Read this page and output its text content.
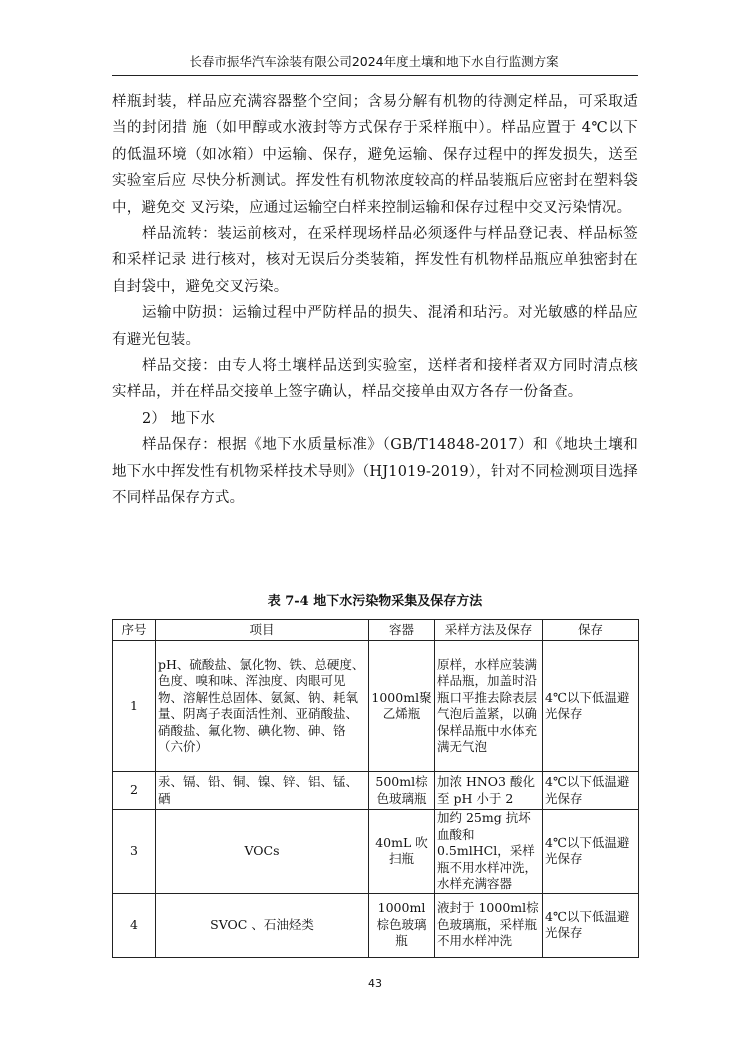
长春市振华汽车涂装有限公司2024年度土壤和地下水自行监测方案

样瓶封装，样品应充满容器整个空间；含易分解有机物的待测定样品，可采取适当的封闭措 施（如甲醇或水液封等方式保存于采样瓶中）。样品应置于 4℃以下的低温环境（如冰箱）中运输、保存，避免运输、保存过程中的挥发损失，送至实验室后应 尽快分析测试。挥发性有机物浓度较高的样品装瓶后应密封在塑料袋中，避免交 叉污染，应通过运输空白样来控制运输和保存过程中交叉污染情况。

样品流转：装运前核对，在采样现场样品必须逐件与样品登记表、样品标签和采样记录 进行核对，核对无误后分类装箱，挥发性有机物样品瓶应单独密封在自封袋中，避免交叉污染。

运输中防损：运输过程中严防样品的损失、混淆和玷污。对光敏感的样品应 有避光包装。

样品交接：由专人将土壤样品送到实验室，送样者和接样者双方同时清点核 实样品，并在样品交接单上签字确认，样品交接单由双方各存一份备查。

2） 地下水

样品保存：根据《地下水质量标准》（GB/T14848-2017）和《地块土壤和地下水中挥发性有机物采样技术导则》（HJ1019-2019），针对不同检测项目选择不同样品保存方式。

表 7-4 地下水污染物采集及保存方法
序号	项目	容器	采样方法及保存	保存
1	pH、硫酸盐、氯化物、铁、总硬度、色度、嗅和味、浑浊度、肉眼可见物、溶解性总固体、氨氮、钠、耗氧量、阴离子表面活性剂、亚硝酸盐、硝酸盐、氟化物、碘化物、砷、铬（六价）	1000ml聚乙烯瓶	原样，水样应装满样品瓶，加盖时沿瓶口平推去除表层气泡后盖紧，以确保样品瓶中水体充满无气泡	4℃以下低温避光保存
2	汞、镉、铅、铜、镍、锌、铝、锰、硒	500ml棕色玻璃瓶	加浓 HNO3 酸化至 pH 小于 2	4℃以下低温避光保存
3	VOCs	40mL 吹扫瓶	加约 25mg 抗坏血酸和 0.5mlHCl，采样瓶不用水样冲洗，水样充满容器	4℃以下低温避光保存
4	SVOC 、石油烃类	1000ml 棕色玻璃瓶	液封于 1000ml棕色玻璃瓶，采样瓶不用水样冲洗	4℃以下低温避光保存
43
